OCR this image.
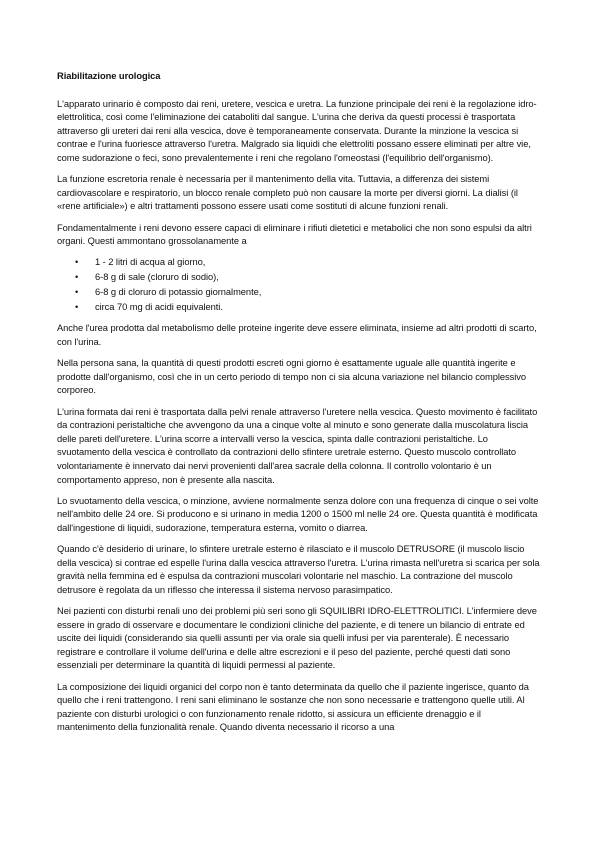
Riabilitazione urologica

L'apparato urinario è composto dai reni, uretere, vescica e uretra. La funzione principale dei reni è la regolazione idro-elettrolitica, così come l'eliminazione dei cataboliti dal sangue. L'urina che deriva da questi processi è trasportata attraverso gli ureteri dai reni alla vescica, dove è temporaneamente conservata. Durante la minzione la vescica si contrae e l'urina fuoriesce attraverso l'uretra. Malgrado sia liquidi che elettroliti possano essere eliminati per altre vie, come sudorazione o feci, sono prevalentemente i reni che regolano l'omeostasi (l'equilibrio dell'organismo).

La funzione escretoria renale è necessaria per il mantenimento della vita. Tuttavia, a differenza dei sistemi cardiovascolare e respiratorio, un blocco renale completo può non causare la morte per diversi giorni. La dialisi (il «rene artificiale») e altri trattamenti possono essere usati come sostituti di alcune funzioni renali.

Fondamentalmente i reni devono essere capaci di eliminare i rifiuti dietetici e metabolici che non sono espulsi da altri organi. Questi ammontano grossolanamente a

• 1 - 2 litri di acqua al giorno,
• 6-8 g di sale (cloruro di sodio),
• 6-8 g di cloruro di potassio giornalmente,
• circa 70 mg di acidi equivalenti.

Anche l'urea prodotta dal metabolismo delle proteine ingerite deve essere eliminata, insieme ad altri prodotti di scarto, con l'urina.

Nella persona sana, la quantità di questi prodotti escreti ogni giorno è esattamente uguale alle quantità ingerite e prodotte dall'organismo, così che in un certo periodo di tempo non ci sia alcuna variazione nel bilancio complessivo corporeo.

L'urina formata dai reni è trasportata dalla pelvi renale attraverso l'uretere nella vescica. Questo movimento è facilitato da contrazioni peristaltiche che avvengono da una a cinque volte al minuto e sono generate dalla muscolatura liscia delle pareti dell'uretere. L'urina scorre a intervalli verso la vescica, spinta dalle contrazioni peristaltiche. Lo svuotamento della vescica è controllato da contrazioni dello sfintere uretrale esterno. Questo muscolo controllato volontariamente è innervato dai nervi provenienti dall'area sacrale della colonna. Il controllo volontario è un comportamento appreso, non è presente alla nascita.

Lo svuotamento della vescica, o minzione, avviene normalmente senza dolore con una frequenza di cinque o sei volte nell'ambito delle 24 ore. Si producono e si urinano in media 1200 o 1500 ml nelle 24 ore. Questa quantità è modificata dall'ingestione di liquidi, sudorazione, temperatura esterna, vomito o diarrea.

Quando c'è desiderio di urinare, lo sfintere uretrale esterno è rilasciato e il muscolo DETRUSORE (il muscolo liscio della vescica) si contrae ed espelle l'urina dalla vescica attraverso l'uretra. L'urina rimasta nell'uretra si scarica per sola gravità nella femmina ed è espulsa da contrazioni muscolari volontarie nel maschio. La contrazione del muscolo detrusore è regolata da un riflesso che interessa il sistema nervoso parasimpatico.

Nei pazienti con disturbi renali uno dei problemi più seri sono gli SQUILIBRI IDRO-ELETTROLITICI. L'infermiere deve essere in grado di osservare e documentare le condizioni cliniche del paziente, e di tenere un bilancio di entrate ed uscite dei liquidi (considerando sia quelli assunti per via orale sia quelli infusi per via parenterale). È necessario registrare e controllare il volume dell'urina e delle altre escrezioni e il peso del paziente, perché questi dati sono essenziali per determinare la quantità di liquidi permessi al paziente.

La composizione dei liquidi organici del corpo non è tanto determinata da quello che il paziente ingerisce, quanto da quello che i reni trattengono. I reni sani eliminano le sostanze che non sono necessarie e trattengono quelle utili. Al paziente con disturbi urologici o con funzionamento renale ridotto, si assicura un efficiente drenaggio e il mantenimento della funzionalità renale. Quando diventa necessario il ricorso a una
